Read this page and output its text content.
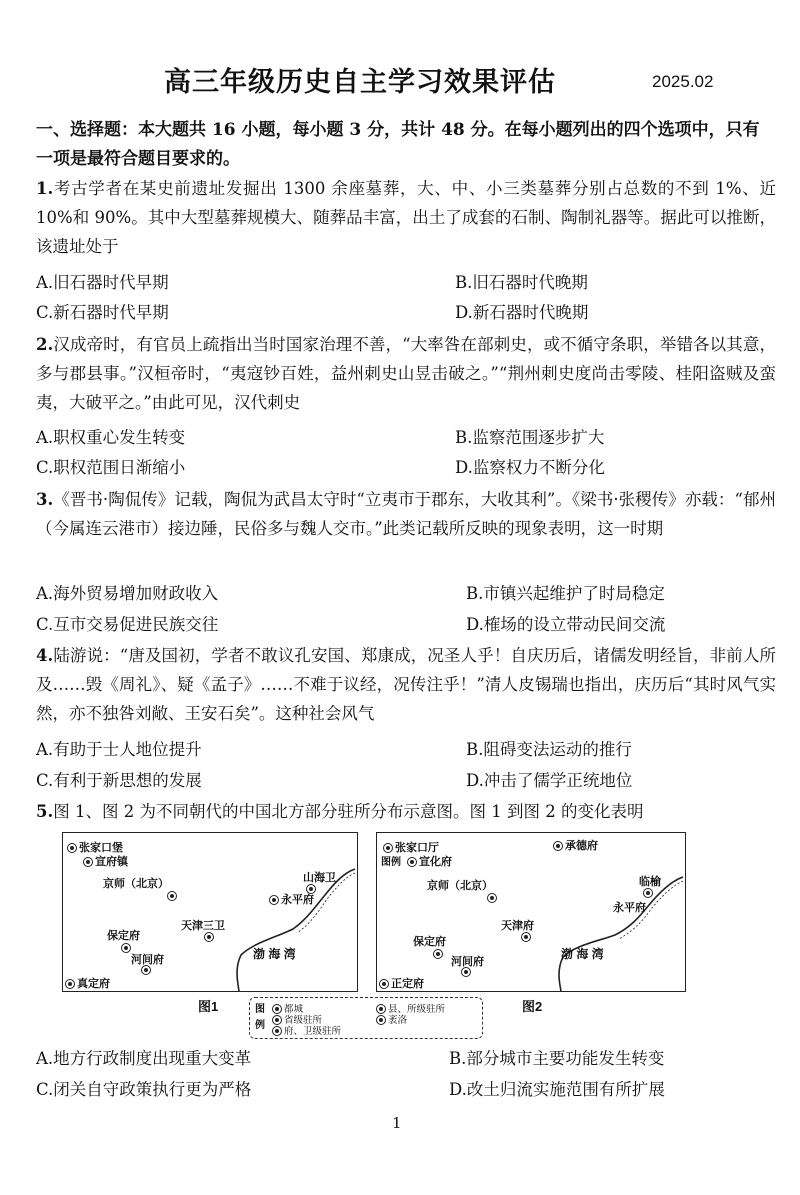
高三年级历史自主学习效果评估	2025.02
一、选择题：本大题共 16 小题，每小题 3 分，共计 48 分。在每小题列出的四个选项中，只有一项是最符合题目要求的。
1.考古学者在某史前遗址发掘出 1300 余座墓葬，大、中、小三类墓葬分别占总数的不到 1%、近 10%和 90%。其中大型墓葬规模大、随葬品丰富，出土了成套的石制、陶制礼器等。据此可以推断，该遗址处于
A.旧石器时代早期	B.旧石器时代晚期
C.新石器时代早期	D.新石器时代晚期
2.汉成帝时，有官员上疏指出当时国家治理不善，“大率咎在部刺史，或不循守条职，举错各以其意，多与郡县事。”汉桓帝时，“夷寇钞百姓，益州刺史山昱击破之。”“荆州刺史度尚击零陵、桂阳盗贼及蛮夷，大破平之。”由此可见，汉代刺史
A.职权重心发生转变	B.监察范围逐步扩大
C.职权范围日渐缩小	D.监察权力不断分化
3.《晋书·陶侃传》记载，陶侃为武昌太守时“立夷市于郡东，大收其利”。《梁书·张稷传》亦载：“郁州（今属连云港市）接边陲，民俗多与魏人交市。”此类记载所反映的现象表明，这一时期
A.海外贸易增加财政收入	B.市镇兴起维护了时局稳定
C.互市交易促进民族交往	D.榷场的设立带动民间交流
4.陆游说：“唐及国初，学者不敢议孔安国、郑康成，况圣人乎！自庆历后，诸儒发明经旨，非前人所及……毁《周礼》、疑《孟子》……不难于议经，况传注乎！”清人皮锡瑞也指出，庆历后“其时风气实然，亦不独咎刘敞、王安石矣”。这种社会风气
A.有助于士人地位提升	B.阻碍变法运动的推行
C.有利于新思想的发展	D.冲击了儒学正统地位
5.图 1、图 2 为不同朝代的中国北方部分驻所分布示意图。图 1 到图 2 的变化表明
张家口堡
宣府镇
京师（北京）	山海卫
永平府
天津三卫
保定府
河间府
真定府
渤 海 湾
图1
张家口厅	承德府
图例	宣化府
京师（北京）	临榆
永平府
天津府
保定府
河间府
正定府
渤 海 湾
图2
图例
都城	县、所级驻所
省级驻所	袤洛
府、卫级驻所
A.地方行政制度出现重大变革	B.部分城市主要功能发生转变
C.闭关自守政策执行更为严格	D.改土归流实施范围有所扩展
1
